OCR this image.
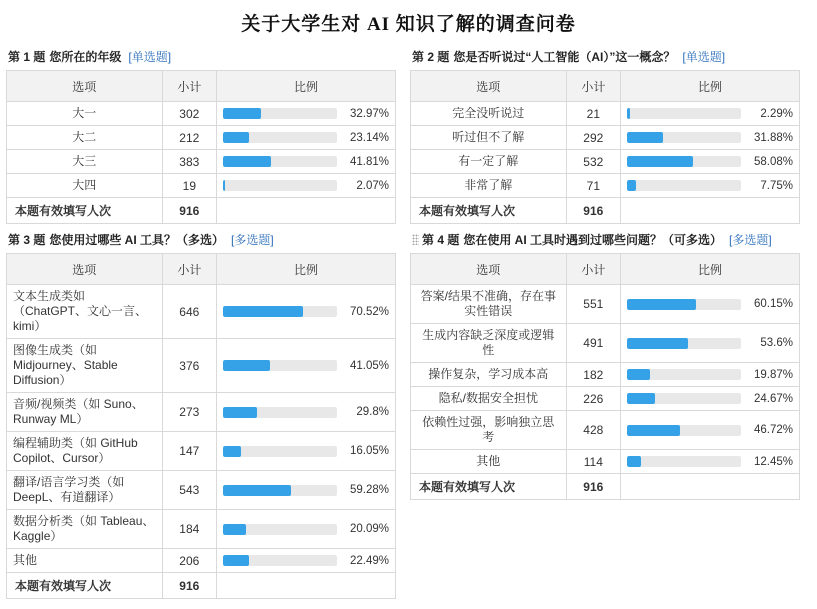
关于大学生对 AI 知识了解的调查问卷
第 1 题 您所在的年级 [单选题]
选项	小计	比例

大一	302	32.97%

大二	212	23.14%

大三	383	41.81%

大四	19	2.07%

本题有效填写人次	916	
第 2 题 您是否听说过“人工智能（AI）”这一概念？ [单选题]
选项	小计	比例

完全没听说过	21	2.29%

听过但不了解	292	31.88%

有一定了解	532	58.08%

非常了解	71	7.75%

本题有效填写人次	916	
第 3 题 您使用过哪些 AI 工具？（多选） [多选题]
选项	小计	比例

文本生成类如（ChatGPT、文心一言、kimi）	646	70.52%

图像生成类（如 Midjourney、Stable Diffusion）	376	41.05%

音频/视频类（如 Suno、Runway ML）	273	29.8%

编程辅助类（如 GitHub Copilot、Cursor）	147	16.05%

翻译/语言学习类（如 DeepL、有道翻译）	543	59.28%

数据分析类（如 Tableau、Kaggle）	184	20.09%

其他	206	22.49%

本题有效填写人次	916	
第 4 题 您在使用 AI 工具时遇到过哪些问题？（可多选） [多选题]
选项	小计	比例

答案/结果不准确，存在事实性错误	551	60.15%

生成内容缺乏深度或逻辑性	491	53.6%

操作复杂，学习成本高	182	19.87%

隐私/数据安全担忧	226	24.67%

依赖性过强，影响独立思考	428	46.72%

其他	114	12.45%

本题有效填写人次	916	
